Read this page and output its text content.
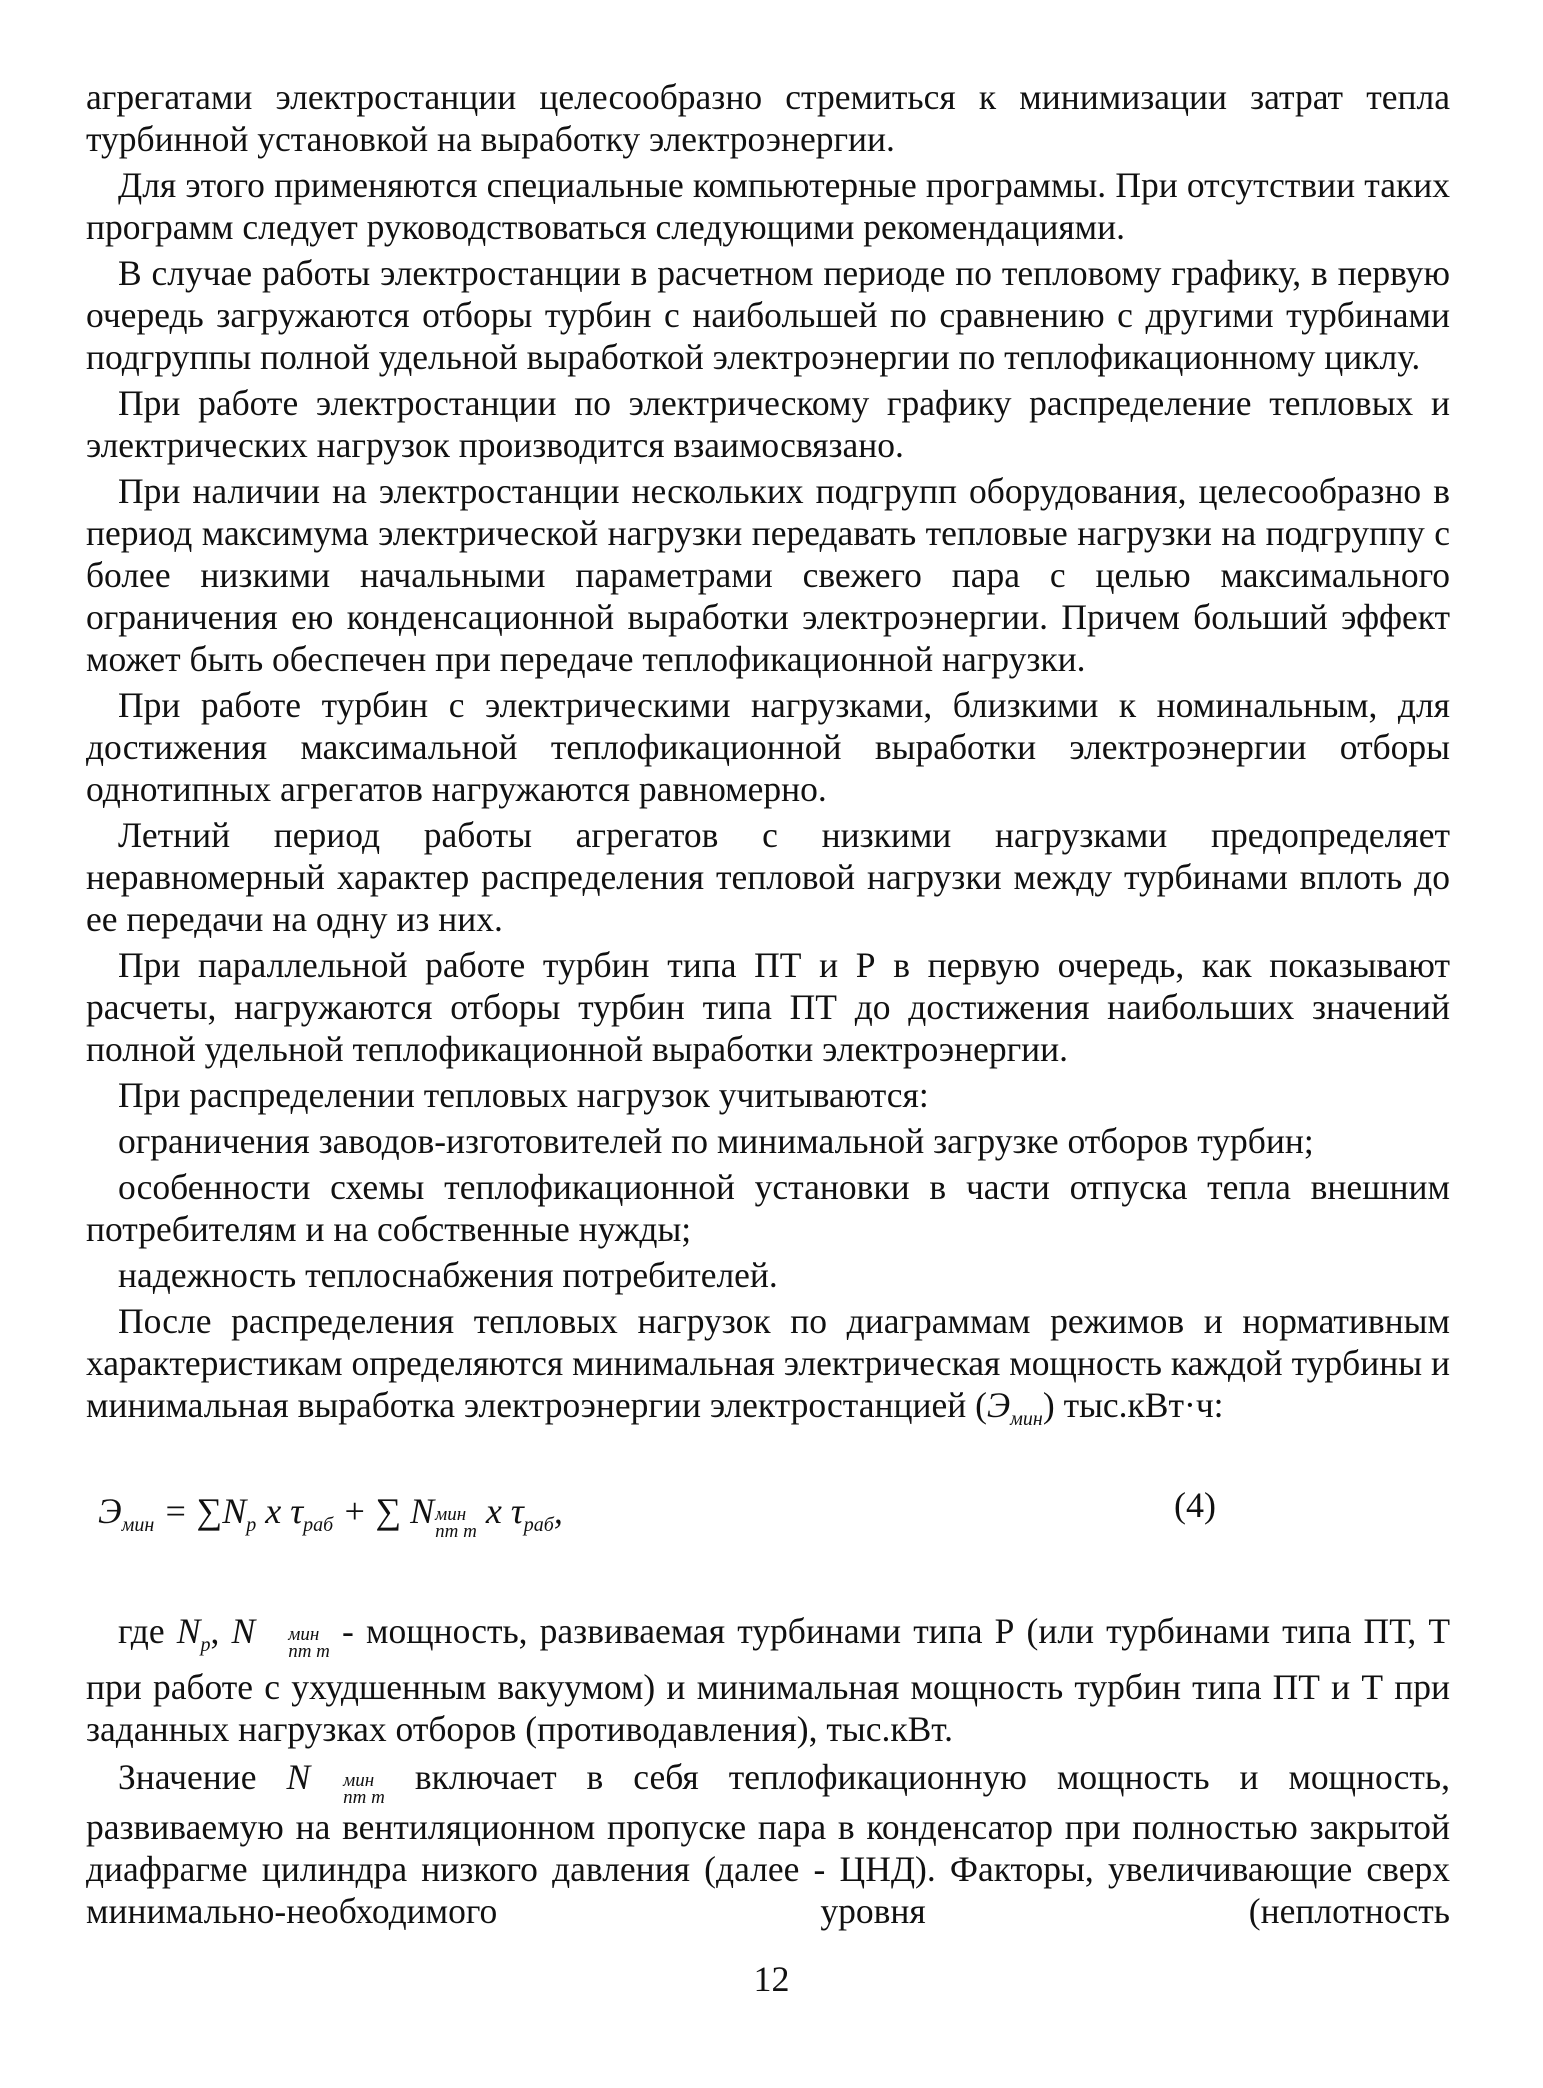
агрегатами электростанции целесообразно стремиться к минимизации затрат тепла турбинной установкой на выработку электроэнергии.

Для этого применяются специальные компьютерные программы. При отсутствии таких программ следует руководствоваться следующими рекомендациями.

В случае работы электростанции в расчетном периоде по тепловому графику, в первую очередь загружаются отборы турбин с наибольшей по сравнению с другими турбинами подгруппы полной удельной выработкой электроэнергии по теплофикационному циклу.

При работе электростанции по электрическому графику распределение тепловых и электрических нагрузок производится взаимосвязано.

При наличии на электростанции нескольких подгрупп оборудования, целесообразно в период максимума электрической нагрузки передавать тепловые нагрузки на подгруппу с более низкими начальными параметрами свежего пара с целью максимального ограничения ею конденсационной выработки электроэнергии. Причем больший эффект может быть обеспечен при передаче теплофикационной нагрузки.

При работе турбин с электрическими нагрузками, близкими к номинальным, для достижения максимальной теплофикационной выработки электроэнергии отборы однотипных агрегатов нагружаются равномерно.

Летний период работы агрегатов с низкими нагрузками предопределяет неравномерный характер распределения тепловой нагрузки между турбинами вплоть до ее передачи на одну из них.

При параллельной работе турбин типа ПТ и Р в первую очередь, как показывают расчеты, нагружаются отборы турбин типа ПТ до достижения наибольших значений полной удельной теплофикационной выработки электроэнергии.

При распределении тепловых нагрузок учитываются:

ограничения заводов-изготовителей по минимальной загрузке отборов турбин;

особенности схемы теплофикационной установки в части отпуска тепла внешним потребителям и на собственные нужды;

надежность теплоснабжения потребителей.

После распределения тепловых нагрузок по диаграммам режимов и нормативным характеристикам определяются минимальная электрическая мощность каждой турбины и минимальная выработка электроэнергии электростанцией $(Э_{мин})$ тыс.кВт·ч:

$Э_{мин} = \sum N_p$ x $\tau_{раб}$ + ∑ N мин
пт т
x $\tau_{раб}$,	(4)

где $N_p$, N	мин
пт т
- мощность, развиваемая турбинами типа Р (или турбинами типа ПТ, Т при работе с ухудшенным вакуумом) и минимальная мощность турбин типа ПТ и Т при заданных нагрузках отборов (противодавления), тыс.кВт.

Значение N	мин
пт т
включает в себя теплофикационную мощность и мощность, развиваемую на вентиляционном пропуске пара в конденсатор при полностью закрытой диафрагме цилиндра низкого давления (далее - ЦНД). Факторы, увеличивающие сверх минимально-необходимого уровня (неплотность

12
